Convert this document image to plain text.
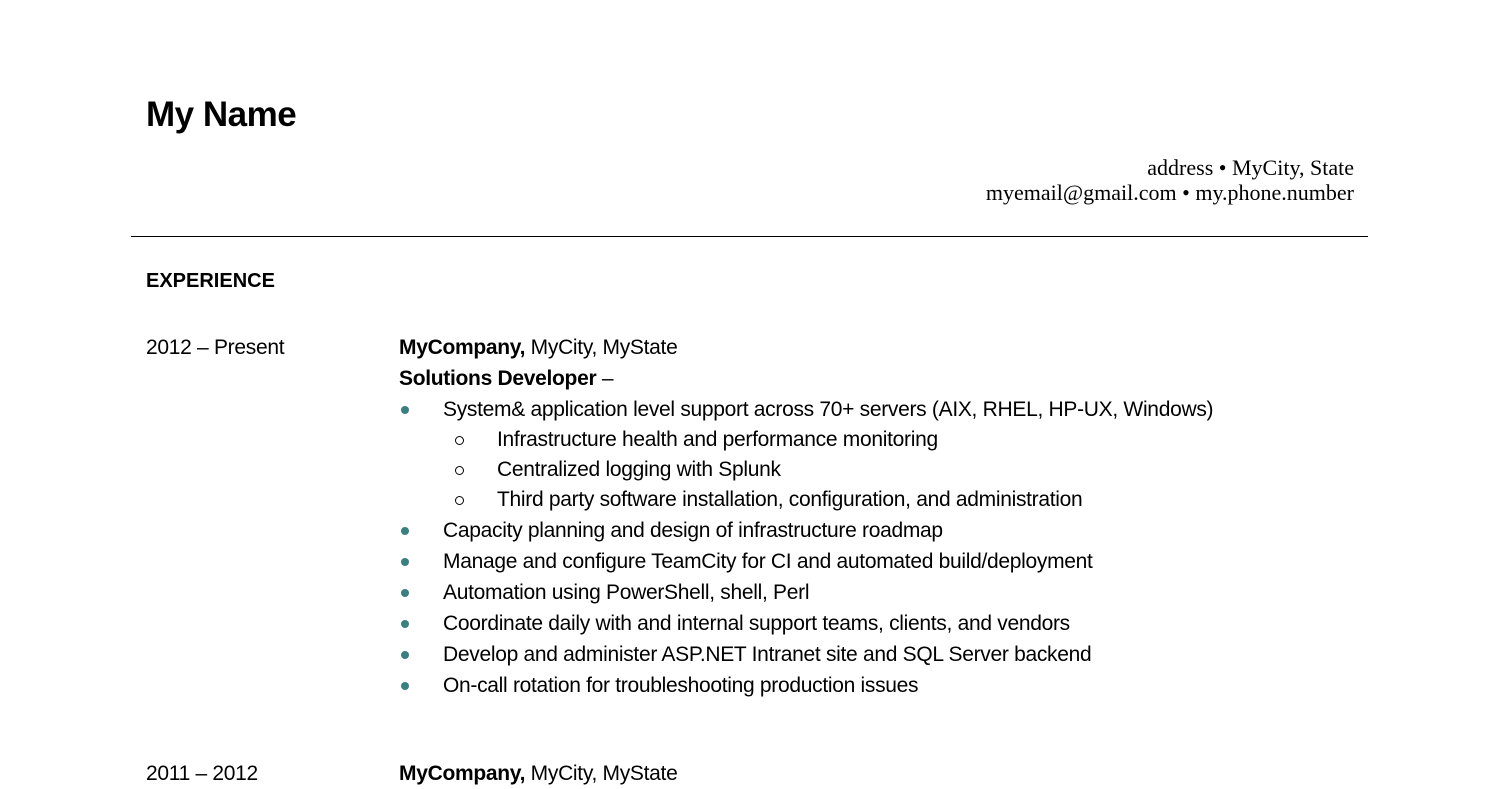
My Name
address • MyCity, State
myemail@gmail.com • my.phone.number
EXPERIENCE
2012 – Present	MyCompany, MyCity, MyState
Solutions Developer –
System& application level support across 70+ servers (AIX, RHEL, HP-UX, Windows)
Infrastructure health and performance monitoring
Centralized logging with Splunk
Third party software installation, configuration, and administration
Capacity planning and design of infrastructure roadmap
Manage and configure TeamCity for CI and automated build/deployment
Automation using PowerShell, shell, Perl
Coordinate daily with and internal support teams, clients, and vendors
Develop and administer ASP.NET Intranet site and SQL Server backend
On-call rotation for troubleshooting production issues
2011 – 2012	MyCompany, MyCity, MyState
